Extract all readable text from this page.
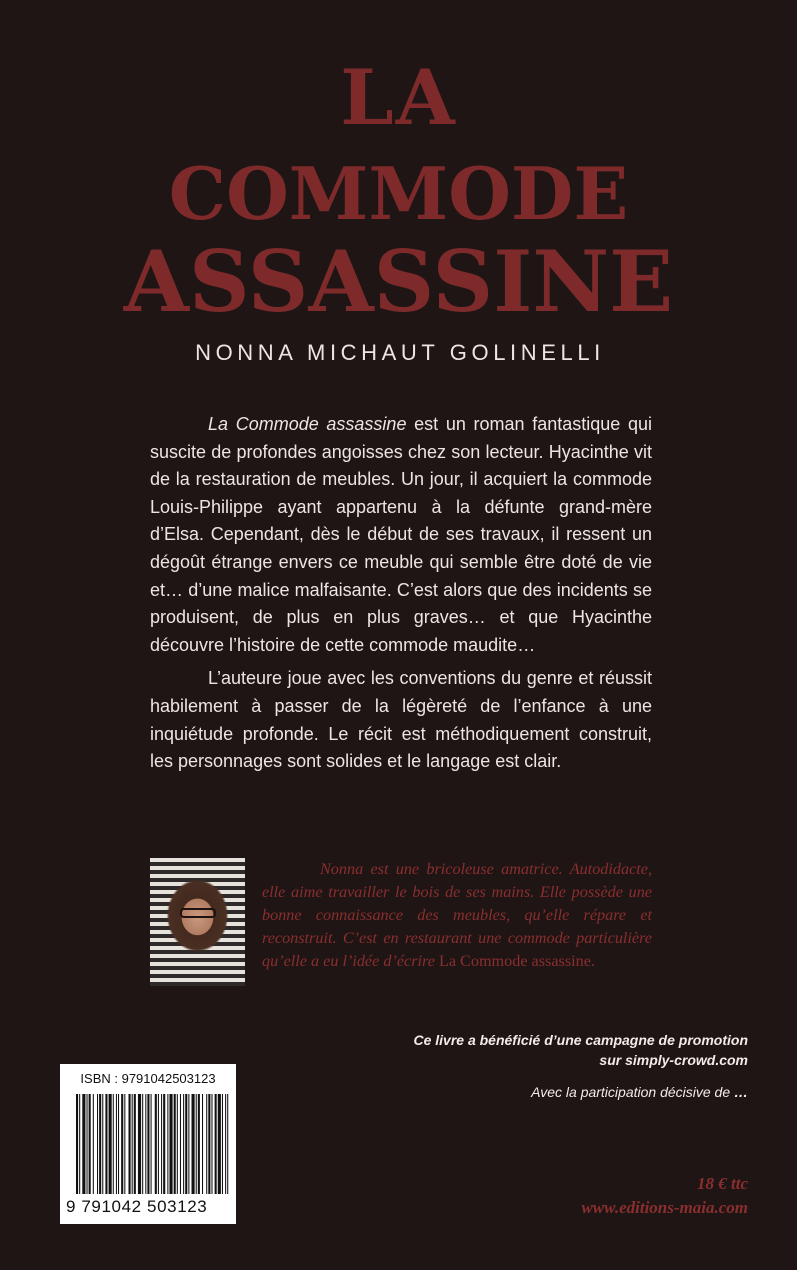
LA
COMMODE
ASSASSINE
NONNA MICHAUT GOLINELLI

La Commode assassine est un roman fantastique qui suscite de profondes angoisses chez son lecteur. Hyacinthe vit de la restauration de meubles. Un jour, il acquiert la commode Louis-Philippe ayant appartenu à la défunte grand-mère d’Elsa. Cependant, dès le début de ses travaux, il ressent un dégoût étrange envers ce meuble qui semble être doté de vie et… d’une malice malfaisante. C’est alors que des incidents se produisent, de plus en plus graves… et que Hyacinthe découvre l’histoire de cette commode maudite…

L’auteure joue avec les conventions du genre et réussit habilement à passer de la légèreté de l’enfance à une inquiétude profonde. Le récit est méthodiquement construit, les personnages sont solides et le langage est clair.

Nonna est une bricoleuse amatrice. Autodidacte, elle aime travailler le bois de ses mains. Elle possède une bonne connaissance des meubles, qu’elle répare et reconstruit. C’est en restaurant une commode particulière qu’elle a eu l’idée d’écrire La Commode assassine.
Ce livre a bénéficié d’une campagne de promotion
sur simply-crowd.com
Avec la participation décisive de …
18 € ttc
www.editions-maia.com
ISBN : 9791042503123
9 791042 503123
